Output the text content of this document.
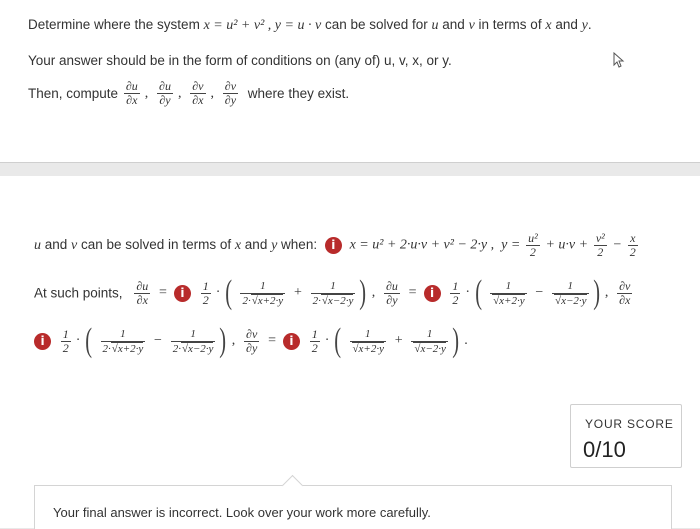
Determine where the system x = u² + v² , y = u · v can be solved for u and v in terms of x and y.
Your answer should be in the form of conditions on (any of) u, v, x, or y.
Then, compute $\frac{\partial u}{\partial x}$ , $\frac{\partial u}{\partial y}$ , $\frac{\partial v}{\partial x}$ , $\frac{\partial v}{\partial y}$ where they exist.
u and v can be solved in terms of x and y when: i x = u² + 2·u·v + v² − 2·y ,  $y = \frac{\text{u²}}{2} + u\cdot v + \frac{\text{v²}}{2} - \frac{x}{2}$
At such points, $\frac{\partial u}{\partial x} = i \frac{1}{2}$ · ( $\frac{1}{2\cdot√x+2\cdot y} + \frac{1}{2\cdot√x-2\cdot y}$ ) , $\frac{\partial u}{\partial y} = i \frac{1}{2}$ · ( $\frac{1}{√x+2\cdot y} - \frac{1}{√x-2\cdot y}$ ) , $\frac{\partial v}{\partial x}$
i $\frac{1}{2}$ · ( $\frac{1}{2\cdot√x+2\cdot y} - \frac{1}{2\cdot√x-2\cdot y}$ ) , $\frac{\partial v}{\partial y} = i \frac{1}{2}$ · ( $\frac{1}{√x+2\cdot y} + \frac{1}{√x-2\cdot y}$ ) .
YOUR SCORE
0/10
Your final answer is incorrect. Look over your work more carefully.
